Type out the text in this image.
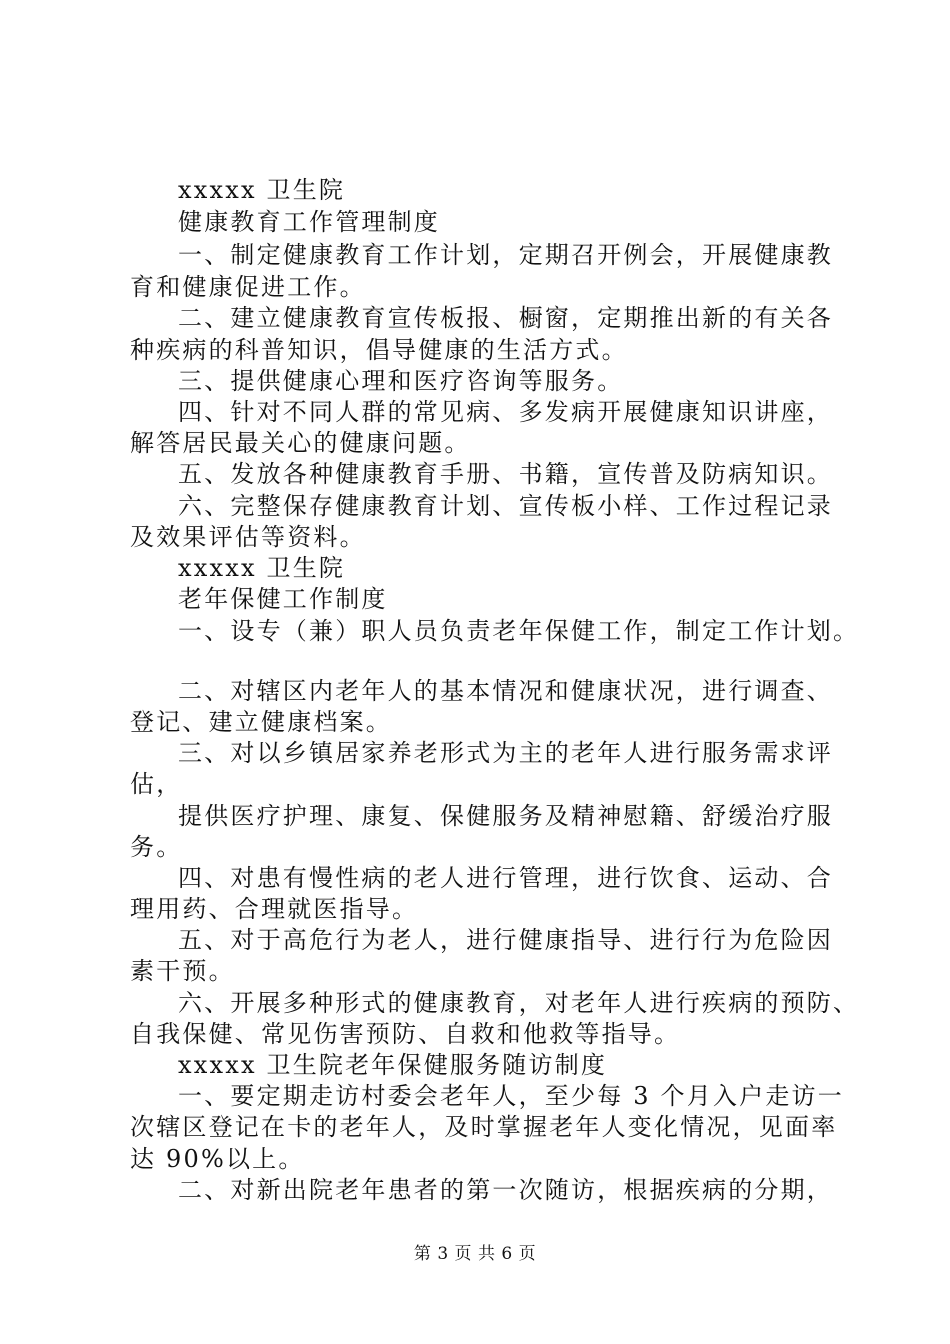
xxxxx 卫生院
健康教育工作管理制度
一、制定健康教育工作计划，定期召开例会，开展健康教
育和健康促进工作。
二、建立健康教育宣传板报、橱窗，定期推出新的有关各
种疾病的科普知识，倡导健康的生活方式。
三、提供健康心理和医疗咨询等服务。
四、针对不同人群的常见病、多发病开展健康知识讲座，
解答居民最关心的健康问题。
五、发放各种健康教育手册、书籍，宣传普及防病知识。
六、完整保存健康教育计划、宣传板小样、工作过程记录
及效果评估等资料。
xxxxx 卫生院
老年保健工作制度
一、设专（兼）职人员负责老年保健工作，制定工作计划。
二、对辖区内老年人的基本情况和健康状况，进行调查、
登记、建立健康档案。
三、对以乡镇居家养老形式为主的老年人进行服务需求评
估，
提供医疗护理、康复、保健服务及精神慰籍、舒缓治疗服
务。
四、对患有慢性病的老人进行管理，进行饮食、运动、合
理用药、合理就医指导。
五、对于高危行为老人，进行健康指导、进行行为危险因
素干预。
六、开展多种形式的健康教育，对老年人进行疾病的预防、
自我保健、常见伤害预防、自救和他救等指导。
xxxxx 卫生院老年保健服务随访制度
一、要定期走访村委会老年人，至少每 3 个月入户走访一
次辖区登记在卡的老年人，及时掌握老年人变化情况，见面率
达 90%以上。
二、对新出院老年患者的第一次随访，根据疾病的分期，
第 3 页 共 6 页
